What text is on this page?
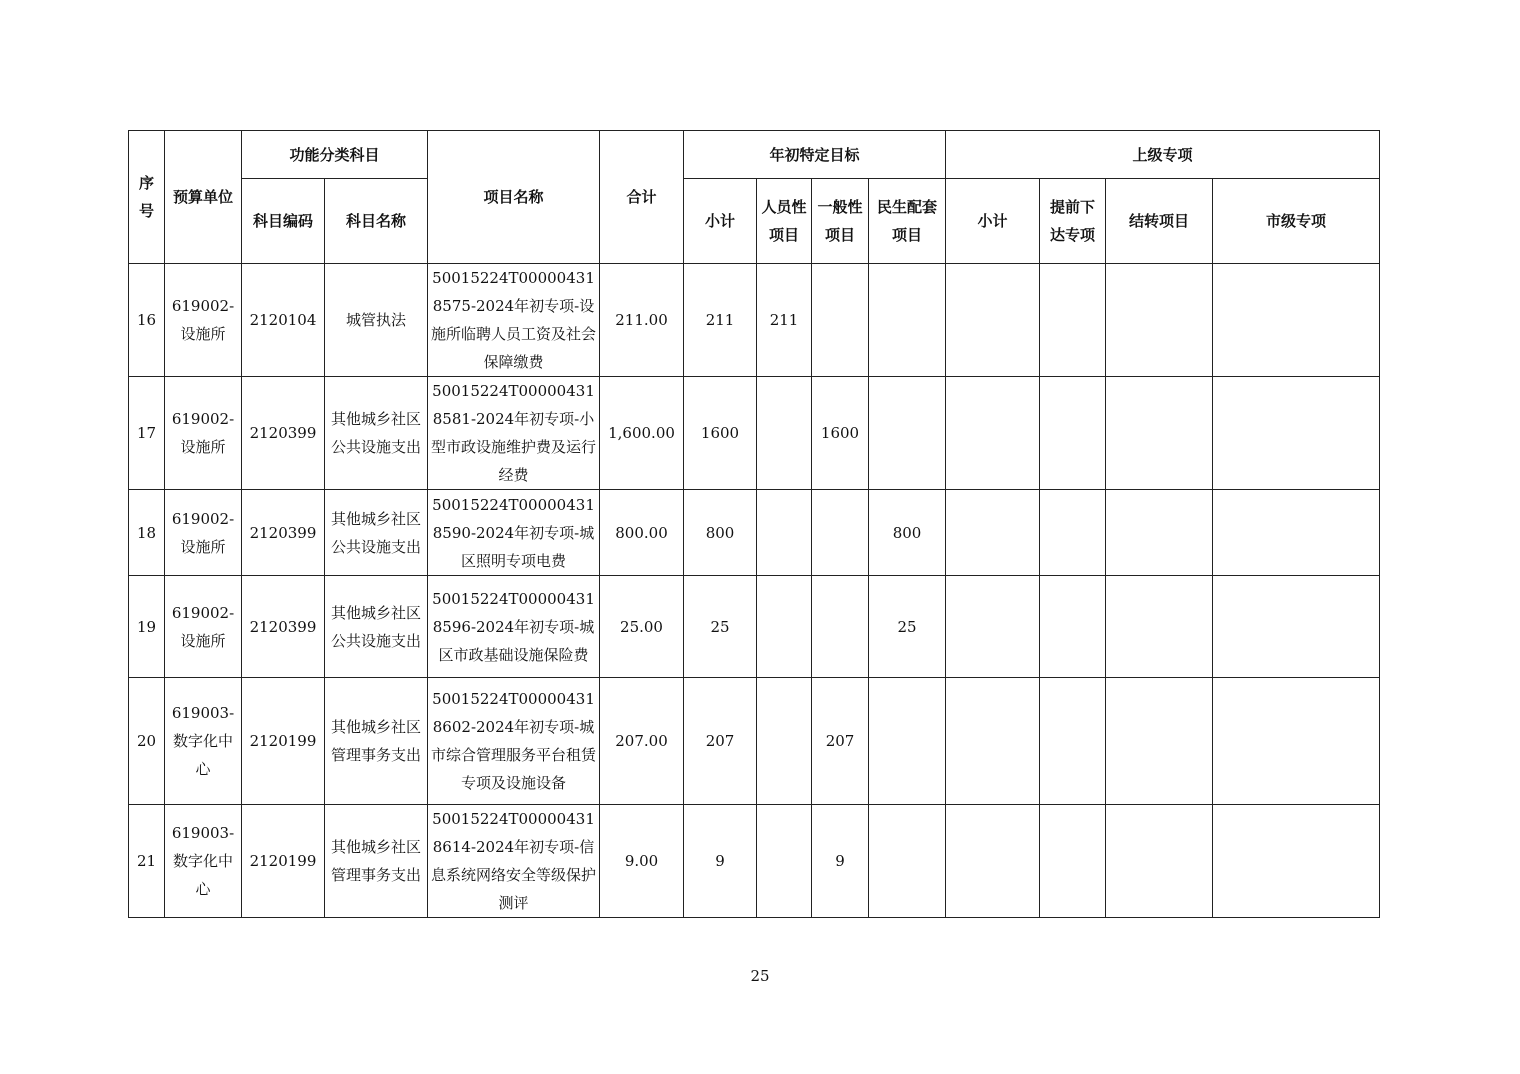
序号	预算单位	功能分类科目		项目名称	合计	年初特定目标				上级专项			
		科目编码	科目名称			小计	人员性项目	一般性项目	民生配套项目	小计	提前下达专项	结转项目	市级专项
16	619002-设施所	2120104	城管执法	50015224T000004318575-2024年初专项-设施所临聘人员工资及社会保障缴费	211.00	211	211						
17	619002-设施所	2120399	其他城乡社区公共设施支出	50015224T000004318581-2024年初专项-小型市政设施维护费及运行经费	1,600.00	1600		1600					
18	619002-设施所	2120399	其他城乡社区公共设施支出	50015224T000004318590-2024年初专项-城区照明专项电费	800.00	800			800				
19	619002-设施所	2120399	其他城乡社区公共设施支出	50015224T000004318596-2024年初专项-城区市政基础设施保险费	25.00	25			25				
20	619003-数字化中心	2120199	其他城乡社区管理事务支出	50015224T000004318602-2024年初专项-城市综合管理服务平台租赁专项及设施设备	207.00	207		207					
21	619003-数字化中心	2120199	其他城乡社区管理事务支出	50015224T000004318614-2024年初专项-信息系统网络安全等级保护测评	9.00	9		9					
25
